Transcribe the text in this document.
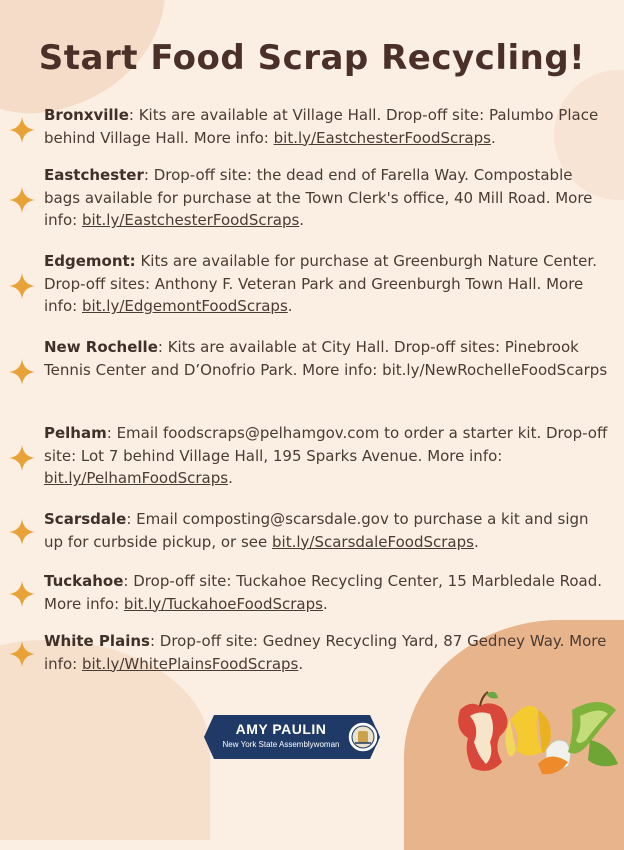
Start Food Scrap Recycling!
Bronxville: Kits are available at Village Hall. Drop-off site: Palumbo Place behind Village Hall. More info: bit.ly/EastchesterFoodScraps.
Eastchester: Drop-off site: the dead end of Farella Way. Compostable bags available for purchase at the Town Clerk's office, 40 Mill Road. More info: bit.ly/EastchesterFoodScraps.
Edgemont: Kits are available for purchase at Greenburgh Nature Center. Drop-off sites: Anthony F. Veteran Park and Greenburgh Town Hall. More info: bit.ly/EdgemontFoodScraps.
New Rochelle: Kits are available at City Hall. Drop-off sites: Pinebrook Tennis Center and D’Onofrio Park. More info: bit.ly/NewRochelleFoodScarps
Pelham: Email foodscraps@pelhamgov.com to order a starter kit. Drop-off site: Lot 7 behind Village Hall, 195 Sparks Avenue. More info: bit.ly/PelhamFoodScraps.
Scarsdale: Email composting@scarsdale.gov to purchase a kit and sign up for curbside pickup, or see bit.ly/ScarsdaleFoodScraps.
Tuckahoe: Drop-off site: Tuckahoe Recycling Center, 15 Marbledale Road. More info: bit.ly/TuckahoeFoodScraps.
White Plains: Drop-off site: Gedney Recycling Yard, 87 Gedney Way. More info: bit.ly/WhitePlainsFoodScraps.
AMY PAULIN
New York State Assemblywoman
